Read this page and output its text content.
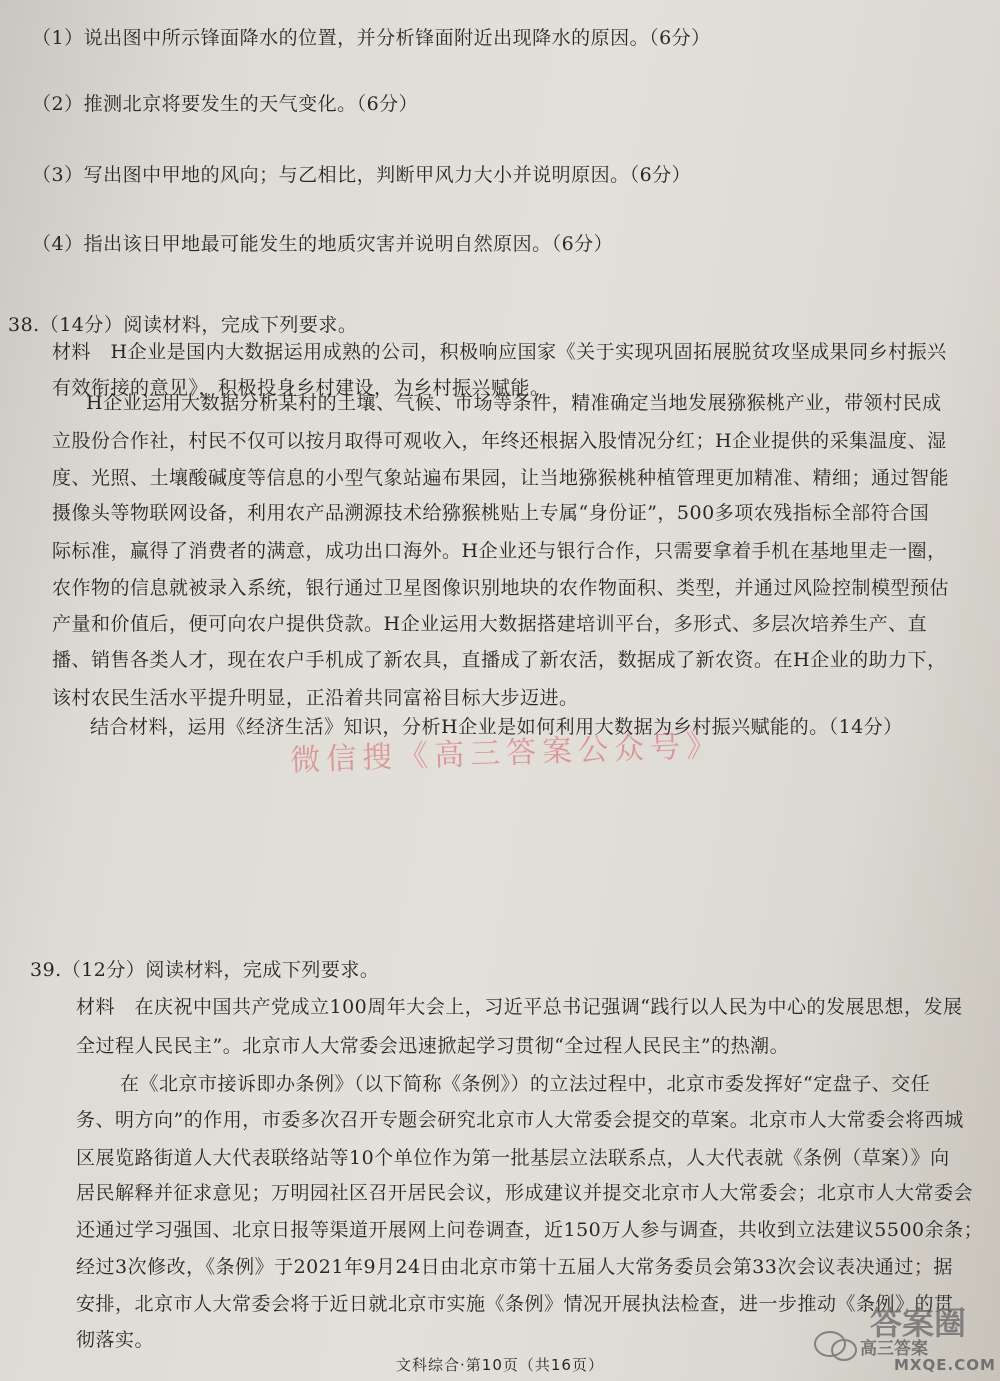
（1）说出图中所示锋面降水的位置，并分析锋面附近出现降水的原因。（6分）
（2）推测北京将要发生的天气变化。（6分）
（3）写出图中甲地的风向；与乙相比，判断甲风力大小并说明原因。（6分）
（4）指出该日甲地最可能发生的地质灾害并说明自然原因。（6分）
38.（14分）阅读材料，完成下列要求。
材料　H企业是国内大数据运用成熟的公司，积极响应国家《关于实现巩固拓展脱贫攻坚成果同乡村振兴
有效衔接的意见》，积极投身乡村建设，为乡村振兴赋能。
H企业运用大数据分析某村的土壤、气候、市场等条件，精准确定当地发展猕猴桃产业，带领村民成
立股份合作社，村民不仅可以按月取得可观收入，年终还根据入股情况分红；H企业提供的采集温度、湿
度、光照、土壤酸碱度等信息的小型气象站遍布果园，让当地猕猴桃种植管理更加精准、精细；通过智能
摄像头等物联网设备，利用农产品溯源技术给猕猴桃贴上专属“身份证”，500多项农残指标全部符合国
际标准，赢得了消费者的满意，成功出口海外。H企业还与银行合作，只需要拿着手机在基地里走一圈，
农作物的信息就被录入系统，银行通过卫星图像识别地块的农作物面积、类型，并通过风险控制模型预估
产量和价值后，便可向农户提供贷款。H企业运用大数据搭建培训平台，多形式、多层次培养生产、直
播、销售各类人才，现在农户手机成了新农具，直播成了新农活，数据成了新农资。在H企业的助力下，
该村农民生活水平提升明显，正沿着共同富裕目标大步迈进。
结合材料，运用《经济生活》知识，分析H企业是如何利用大数据为乡村振兴赋能的。（14分）
微信搜《高三答案公众号》
39.（12分）阅读材料，完成下列要求。
材料　在庆祝中国共产党成立100周年大会上，习近平总书记强调“践行以人民为中心的发展思想，发展
全过程人民民主”。北京市人大常委会迅速掀起学习贯彻“全过程人民民主”的热潮。
在《北京市接诉即办条例》（以下简称《条例》）的立法过程中，北京市委发挥好“定盘子、交任
务、明方向”的作用，市委多次召开专题会研究北京市人大常委会提交的草案。北京市人大常委会将西城
区展览路街道人大代表联络站等10个单位作为第一批基层立法联系点，人大代表就《条例（草案）》向
居民解释并征求意见；万明园社区召开居民会议，形成建议并提交北京市人大常委会；北京市人大常委会
还通过学习强国、北京日报等渠道开展网上问卷调查，近150万人参与调查，共收到立法建议5500余条；
经过3次修改，《条例》于2021年9月24日由北京市第十五届人大常务委员会第33次会议表决通过；据
安排，北京市人大常委会将于近日就北京市实施《条例》情况开展执法检查，进一步推动《条例》的贯
彻落实。
文科综合·第10页（共16页）
答案圈
高三答案
MXQE.COM
